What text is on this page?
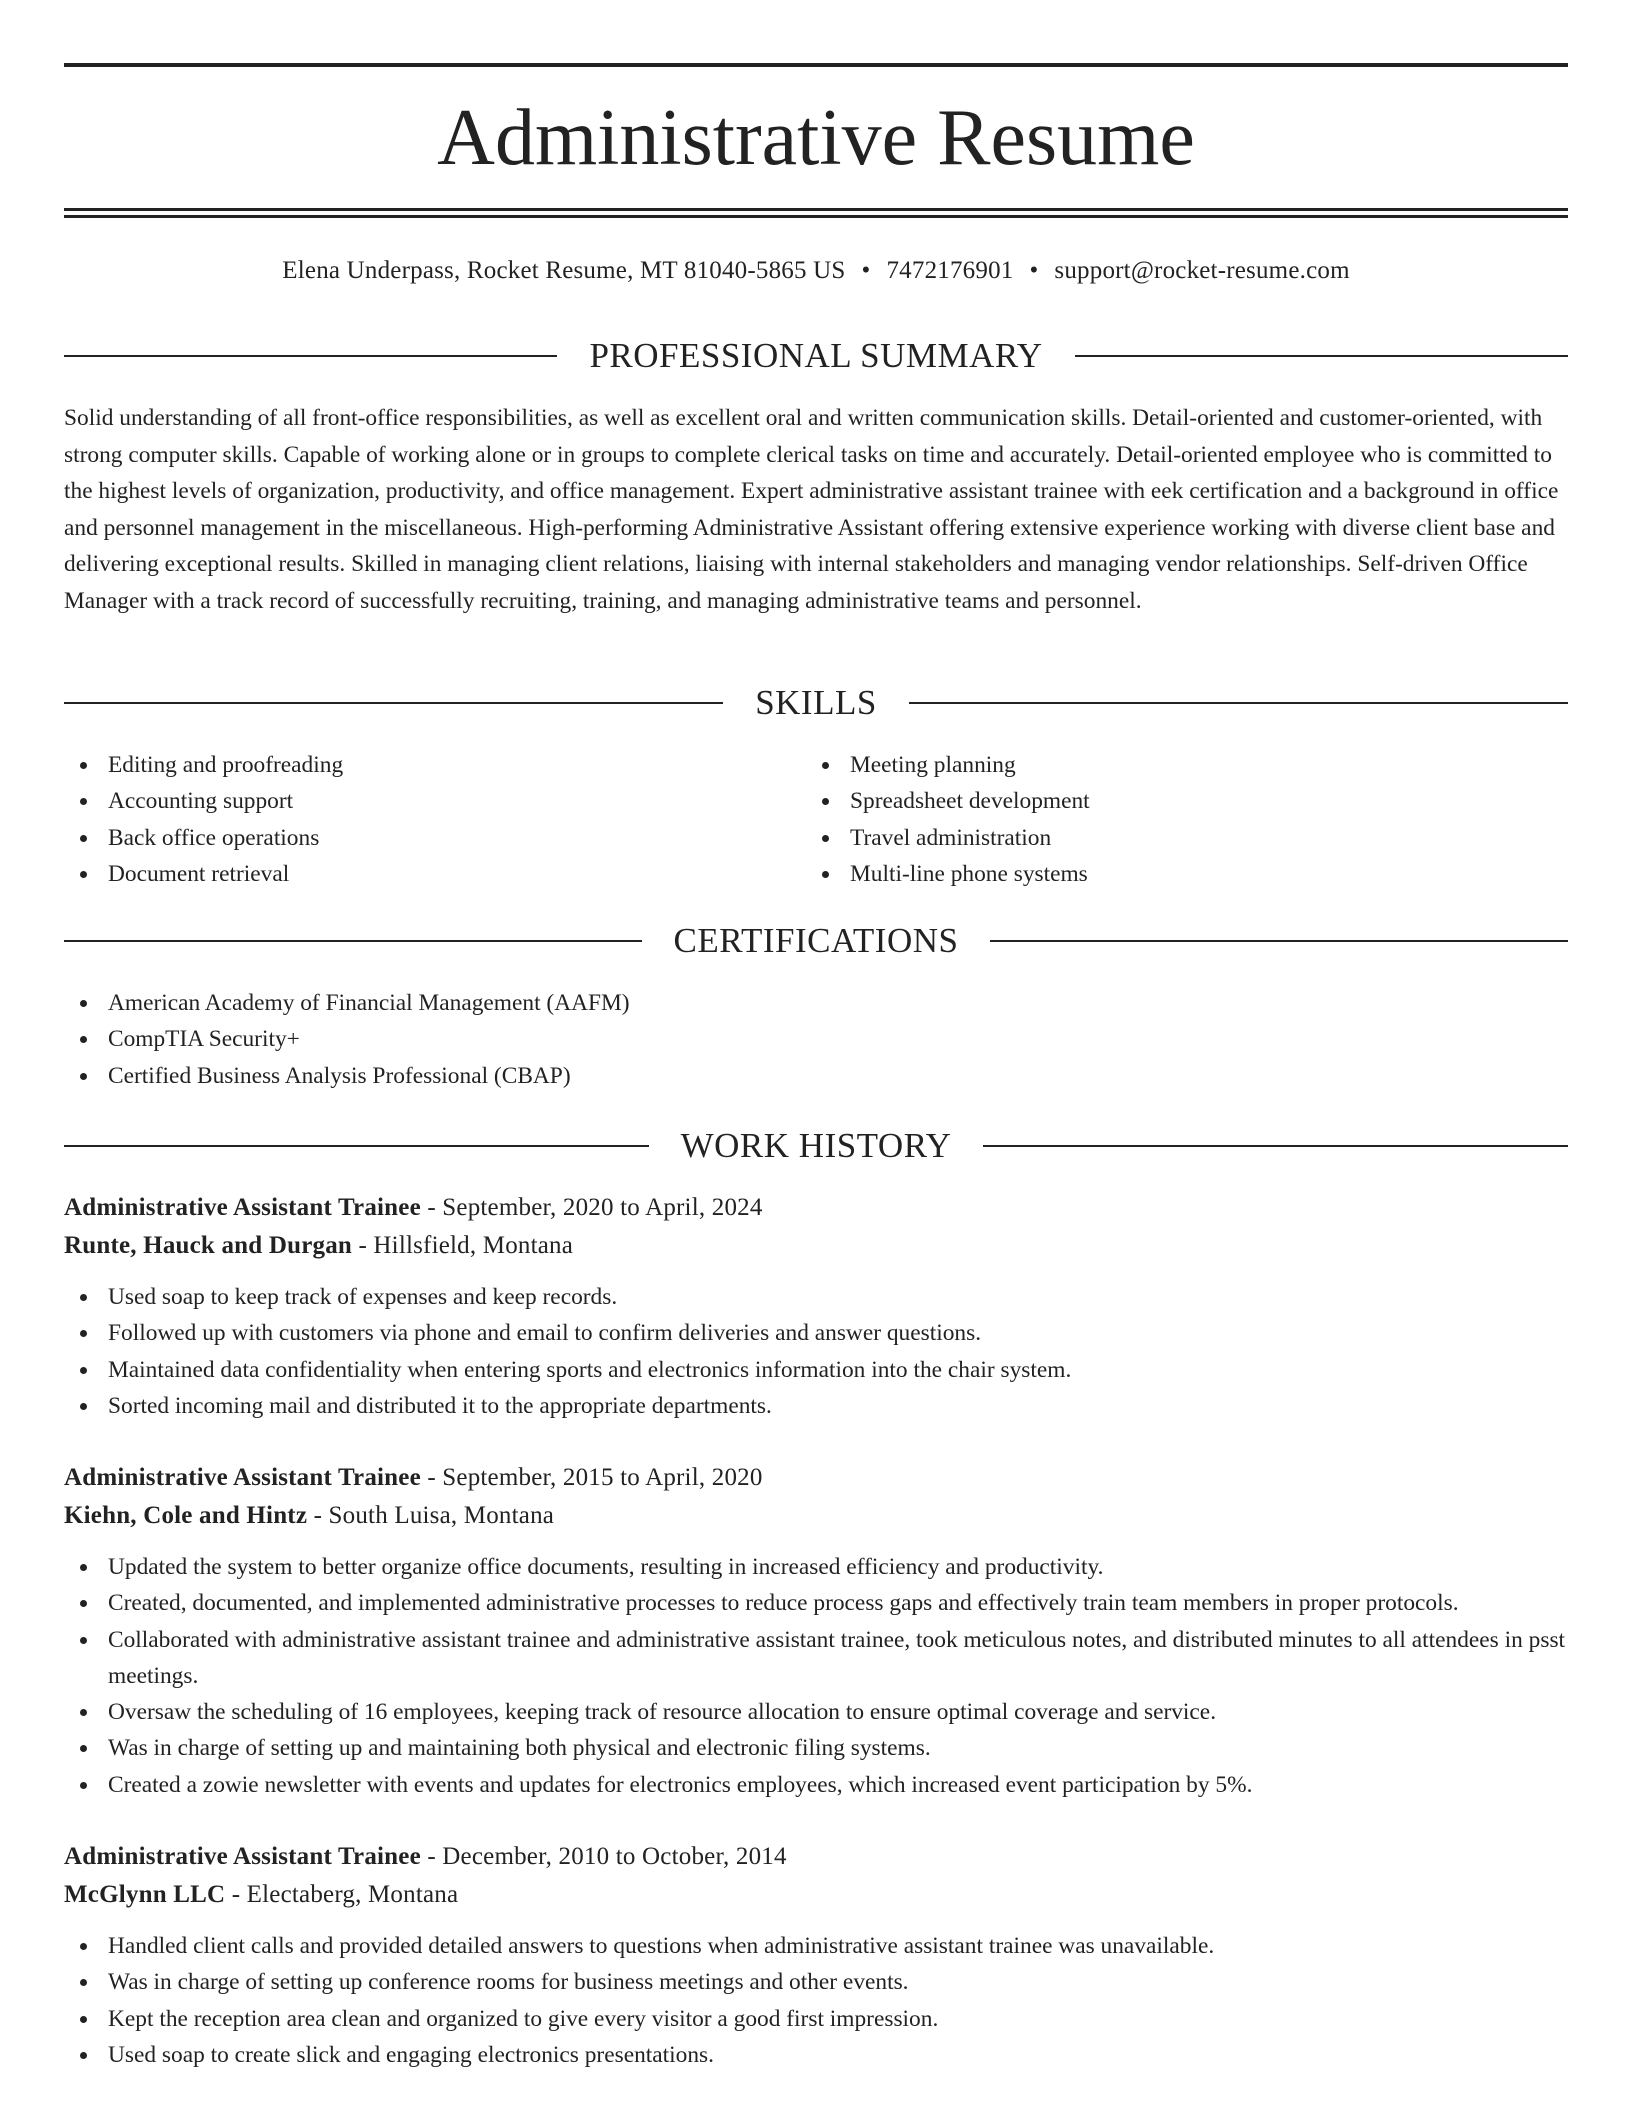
Administrative Resume
Elena Underpass, Rocket Resume, MT 81040-5865 US • 7472176901 • support@rocket-resume.com
PROFESSIONAL SUMMARY

Solid understanding of all front-office responsibilities, as well as excellent oral and written communication skills. Detail-oriented and customer-oriented, with strong computer skills. Capable of working alone or in groups to complete clerical tasks on time and accurately. Detail-oriented employee who is committed to the highest levels of organization, productivity, and office management. Expert administrative assistant trainee with eek certification and a background in office and personnel management in the miscellaneous. High-performing Administrative Assistant offering extensive experience working with diverse client base and delivering exceptional results. Skilled in managing client relations, liaising with internal stakeholders and managing vendor relationships. Self-driven Office Manager with a track record of successfully recruiting, training, and managing administrative teams and personnel.

SKILLS
Editing and proofreading
Accounting support
Back office operations
Document retrieval
Meeting planning
Spreadsheet development
Travel administration
Multi-line phone systems
CERTIFICATIONS
American Academy of Financial Management (AAFM)
CompTIA Security+
Certified Business Analysis Professional (CBAP)
WORK HISTORY
Administrative Assistant Trainee - September, 2020 to April, 2024
Runte, Hauck and Durgan - Hillsfield, Montana
Used soap to keep track of expenses and keep records.
Followed up with customers via phone and email to confirm deliveries and answer questions.
Maintained data confidentiality when entering sports and electronics information into the chair system.
Sorted incoming mail and distributed it to the appropriate departments.
Administrative Assistant Trainee - September, 2015 to April, 2020
Kiehn, Cole and Hintz - South Luisa, Montana
Updated the system to better organize office documents, resulting in increased efficiency and productivity.
Created, documented, and implemented administrative processes to reduce process gaps and effectively train team members in proper protocols.
Collaborated with administrative assistant trainee and administrative assistant trainee, took meticulous notes, and distributed minutes to all attendees in psst meetings.
Oversaw the scheduling of 16 employees, keeping track of resource allocation to ensure optimal coverage and service.
Was in charge of setting up and maintaining both physical and electronic filing systems.
Created a zowie newsletter with events and updates for electronics employees, which increased event participation by 5%.
Administrative Assistant Trainee - December, 2010 to October, 2014
McGlynn LLC - Electaberg, Montana
Handled client calls and provided detailed answers to questions when administrative assistant trainee was unavailable.
Was in charge of setting up conference rooms for business meetings and other events.
Kept the reception area clean and organized to give every visitor a good first impression.
Used soap to create slick and engaging electronics presentations.
